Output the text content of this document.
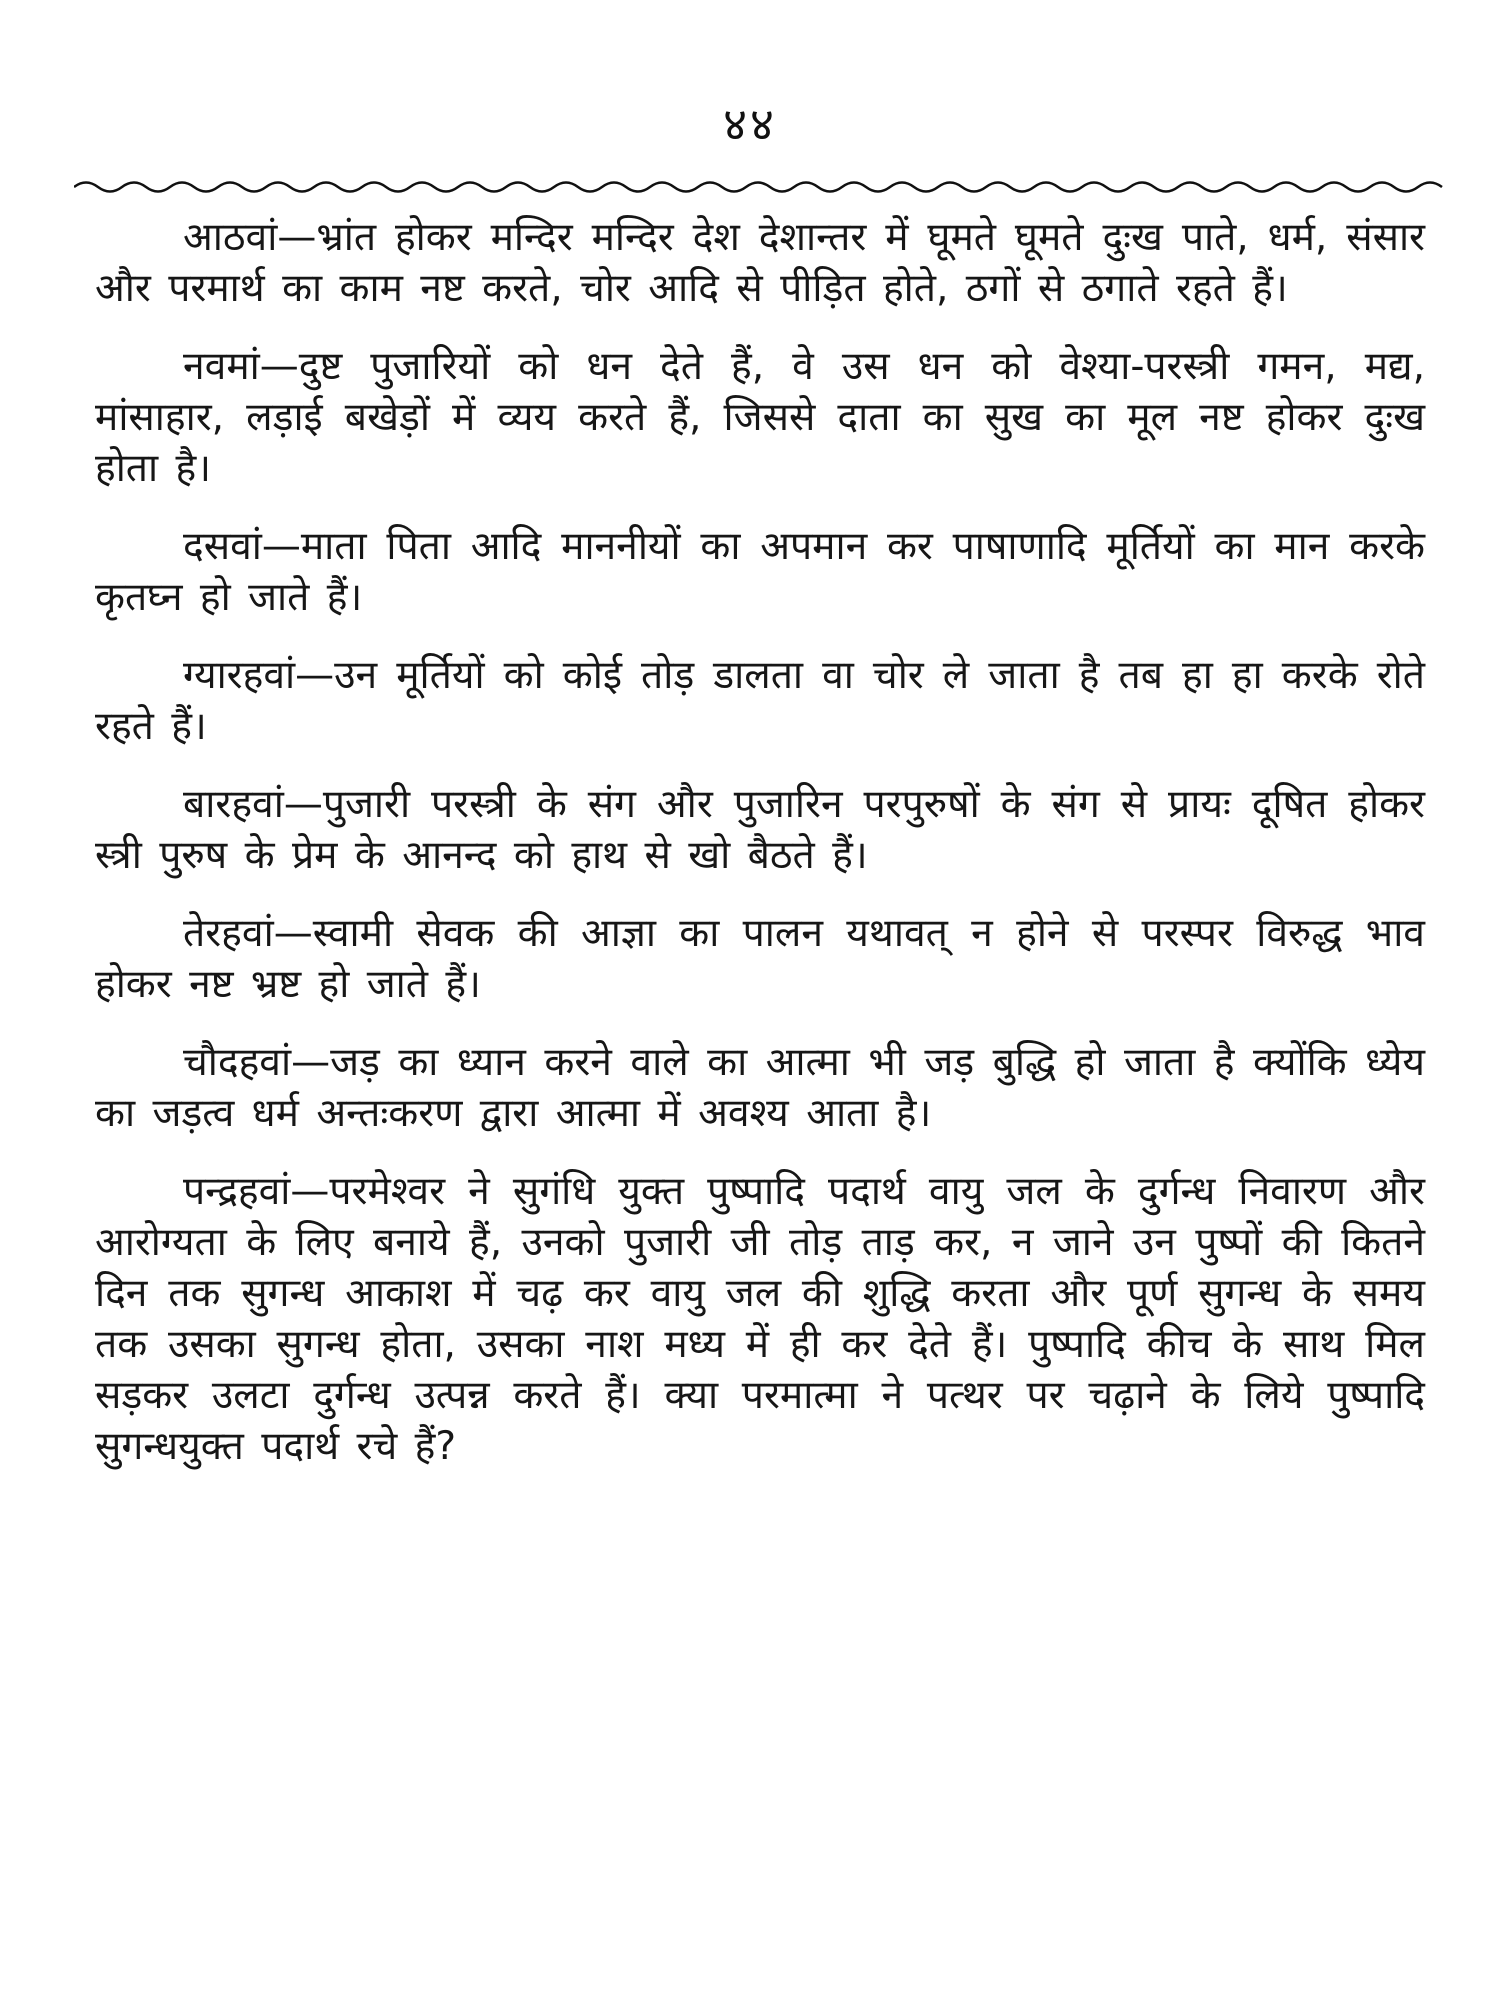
४४

आठवां—भ्रांत होकर मन्दिर मन्दिर देश देशान्तर में घूमते घूमते दुःख पाते, धर्म, संसार और परमार्थ का काम नष्ट करते, चोर आदि से पीड़ित होते, ठगों से ठगाते रहते हैं।

नवमां—दुष्ट पुजारियों को धन देते हैं, वे उस धन को वेश्या-परस्त्री गमन, मद्य, मांसाहार, लड़ाई बखेड़ों में व्यय करते हैं, जिससे दाता का सुख का मूल नष्ट होकर दुःख होता है।

दसवां—माता पिता आदि माननीयों का अपमान कर पाषाणादि मूर्तियों का मान करके कृतघ्न हो जाते हैं।

ग्यारहवां—उन मूर्तियों को कोई तोड़ डालता वा चोर ले जाता है तब हा हा करके रोते रहते हैं।

बारहवां—पुजारी परस्त्री के संग और पुजारिन परपुरुषों के संग से प्रायः दूषित होकर स्त्री पुरुष के प्रेम के आनन्द को हाथ से खो बैठते हैं।

तेरहवां—स्वामी सेवक की आज्ञा का पालन यथावत् न होने से परस्पर विरुद्ध भाव होकर नष्ट भ्रष्ट हो जाते हैं।

चौदहवां—जड़ का ध्यान करने वाले का आत्मा भी जड़ बुद्धि हो जाता है क्योंकि ध्येय का जड़त्व धर्म अन्तःकरण द्वारा आत्मा में अवश्य आता है।

पन्द्रहवां—परमेश्वर ने सुगंधि युक्त पुष्पादि पदार्थ वायु जल के दुर्गन्ध निवारण और आरोग्यता के लिए बनाये हैं, उनको पुजारी जी तोड़ ताड़ कर, न जाने उन पुष्पों की कितने दिन तक सुगन्ध आकाश में चढ़ कर वायु जल की शुद्धि करता और पूर्ण सुगन्ध के समय तक उसका सुगन्ध होता, उसका नाश मध्य में ही कर देते हैं। पुष्पादि कीच के साथ मिल सड़कर उलटा दुर्गन्ध उत्पन्न करते हैं। क्या परमात्मा ने पत्थर पर चढ़ाने के लिये पुष्पादि सुगन्धयुक्त पदार्थ रचे हैं?
